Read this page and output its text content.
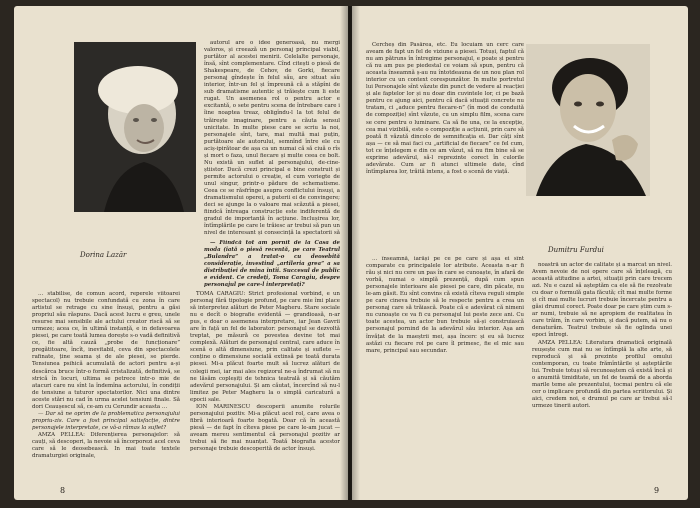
Dorina Lazăr

autorul are o idee generoasă, nu mergi valoros, și creează un personaj principal viabil, purtător al acestei menirii. Celelalte personaje, însă, sînt complementare. Cînd citești o piesă de Shakespeare, de Cehov, de Gorki, fiecare personaj gîndește în felul său, are situat său interior, într-un fel și împreună că a stăpîni de sub dramatisme autentic și trăiește cum li este rugat. Un asemenea rol o pentru actor e excitantă, o sete pentru scena de întrebare care îine noaptea treaz, obligîndu-l la tot felul de trăirește imaginare, pentru a căuta sensul unicitate. In multe piese care se scriu la noi, personajele sînt, tare, mai multă mai puțin, purtătoare ale autorului, semnînd între ele cu aciș-ipirătoar de așa ca un numai că să ciuă o rîs și mort o faza, unul fiecare și multe ceea ce bolt. Nu există un suflet al personajului, de-cine-știistor. Ducă crezi principal e bine construit și permite actorului o creație, el cum voriegte de unul singur, printr-o pădure de schematisme. Ceea ce se răsfrînge asupra conflictului însuși, a dramatismului operei, a puterii ei de convingere; deci se ajunge la o valoare mai scăzută a piesei, fiindcă întreaga construcție este indiferentă de gradul de importanță în acțiune. Inclușirea lor, întîmplările pe care le trăiesc ar trebui să pun un nivel de interesant și consecință la spectatorii să

— Fiindcă tot am pornit de la Casa de moda (iată o piesă recentă, pe care Teatrul „Bulandra” a tratat-o cu deosebită considerație, investind „artileria grea” a sa distribuției de mina întîi. Succesul de public e evident. Ce credeți, Toma Caragiu, despre personajul pe care-l interpretați?

… stabilise, de comun acord, reperele viitoarei spectacol) nu trebuie confundată cu zona în care artistul se retrage cu sine însuși, pentru a găsi propriul său răspuns. Dacă acest lucru e greu, unele resurse mai sensibile ale actului creator riscă să se urmeze; acea ce, în ultimă instanță, e in defavoarea piesei, pe care toată lumea dorește s-o vadă definitivă ce, fie altă cauză „probe de funcționare” pregătitoare, încît, inevitabil, ceva din spectacolele rafinate, ține seama și de ale piesei, se pierde. Tensiunea psihică acumulată de actori pentru a-și descărca bruce într-o formă cristalizată, definitivă, se strică în locuri, ultima se petrece intr-o mie de atacuri care nu sînt la îndemîna actorului, în condiții de tensiune a tuturor spectatorilor. Nici una dintre aceste stări nu cad în urma acelei tensiuni finale. Să dori Ceaușescul să, ce-am cu Cerundir aceasta …

— Dar să ne oprim de la problematica personajului propriu-zis. Care a fost principal satisfacție, dintre personajele interpretate, ce vă-a rămas la suflet?

AMZA PELLEA: Diferențierea personajelor: să cauți, să descoperi, la nevoie să încorporezi acel ceva care să le deosebească. In mai toate textele dramaturgiei originale,

TOMA CARAGIU: Strict profesional vorbind, e un personaj fără tipologie profund, pe care mie îmi place să interpretez alături de Peter Magheru. Stare sociale nu e decît o biografie evidentă — grandioasă, n-ar pus, e doar o asemenea interpretare, iar Jean Gavrii are în față un fel de laborator: personajul se dezvoltă treptat, pe măsură ce povestea devine tot mai complexă. Alături de personajul central, care aduce în scenă o altă dimensiune, prin calitate și suflete — conține o dimensiune socială extinsă pe toată durata piesei. Mi-a plăcut foarte mult să lucrez alături de colegii mei, iar mai ales regizorul ne-a îndrumat să nu ne lăsăm copleșiți de tehnica teatrală și să căutăm adevărul personajului. Și am căutat, încercînd să nu-l limitez pe Peter Magheru la o simplă caricatură a epocii sale.

ION MARINESCU descoperii anumite rolurile personajului pozitiv. Mi-a plăcut acel rol, care avea o fibră interioară foarte bogată. Doar că în această piesă — de fapt în cîteva piese pe care le-am jucat — aveam mereu sentimentul că personajul pozitiv ar trebui să fie mai nuanțat. Toată biografia acestor personaje trebuie descoperită de actor însuși.

8

Cercheș din Pasărea, etc. Eu locuiam un cerc care aveam de fapt un fel de viziune a piesei. Totuși, faptul că nu am pătruns în întregime personajul, e poate și pentru că nu am pus pe piedestal ce voiam să spun, pentru că aceasta înseamnă ș-au nu întotdeauna de un nou plan rol interior cu un context corespunzător. In multe portretul lui Personajele sînt văzute din punct de vedere al reacției și ale faptelor lor și nu doar din cuvintele lor, ci pe bază pentru ce ajung aici, pentru că dacă situații concrete nu tratam, ci „aduce pentru fiecare-n” (în mod de conduită de compoziție) sînt văzute, cu un simplu film, scena care se cere pentru o luminare. Ca să fie una, ce la excepție, cea mai vizibilă, este o compoziție a acțiunii, prin care să poată fi văzută dincolo de semnificația ei. Dar câți sînt așa — ce să mai faci cu „artificial de fiecare” ce fel cum, tot ce înțelegem e din ce am văzut, să nu fim bine să se exprime adevărul, să-l reprezinte corect în culorile adevărate. Cum ar fi atunci ultimele date, cînd întîmplarea lor, trăită intens, a fost o scenă de viață.

Dumitru Furdui

… înseamnă, iarăși pe ce pe care și așa ei sînt comparate cu principalele lor atribute. Aceasta n-ar fi rău și nici nu cere un pas în care se cunoaște, în afară de vorbă, numai o simplă prezență, după cum spun personajele interioare ale piesei pe care, din păcate, nu le-am găsit. Eu sînt convins că există cîteva reguli simple pe care cineva trebuie să le respecte pentru a crea un personaj care să trăiască. Poate că e adevărat că nimeni nu cunoaște ce va fi cu personajul lui peste zece ani. Cu toate acestea, un actor bun trebuie să-și construiască personajul pornind de la adevărul său interior. Așa am învățat de la maeștrii mei, așa încerc și eu să lucrez astăzi cu fiecare rol pe care îl primesc, fie el mic sau mare, principal sau secundar.

noastră un actor de calitate și a marcat un nivel. Avem nevoie de noi opere care să înțeleagă, cu această atitudine a artei, situații prin care trecem azi. Nu e cazul să așteptăm ca ele să fie rezolvate cu doar o formulă gata făcută; cît mai multe forme și cît mai multe lucruri trebuie încercate pentru a găsi drumul corect. Poate doar pe care știm cum s-ar numi, trebuie să ne apropiem de realitatea în care trăim, în care vorbim, și dacă putem, să nu o denaturăm. Teatrul trebuie să fie oglinda unei epoci întregi.

AMZA PELLEA: Literatura dramatică originală reușește cum mai nu se întîmplă la alte arte, să reproducă și să prezinte profilul omului contemporan, cu toate frămîntările și așteptările lui. Trebuie totuși să recunoaștem că există încă și o anumită timiditate, un fel de teamă de a aborda marile teme ale prezentului, tocmai pentru că ele cer o implicare profundă din partea scriitorului. Și aici, credem noi, e drumul pe care ar trebui să-l urmeze tinerii autori.

9
